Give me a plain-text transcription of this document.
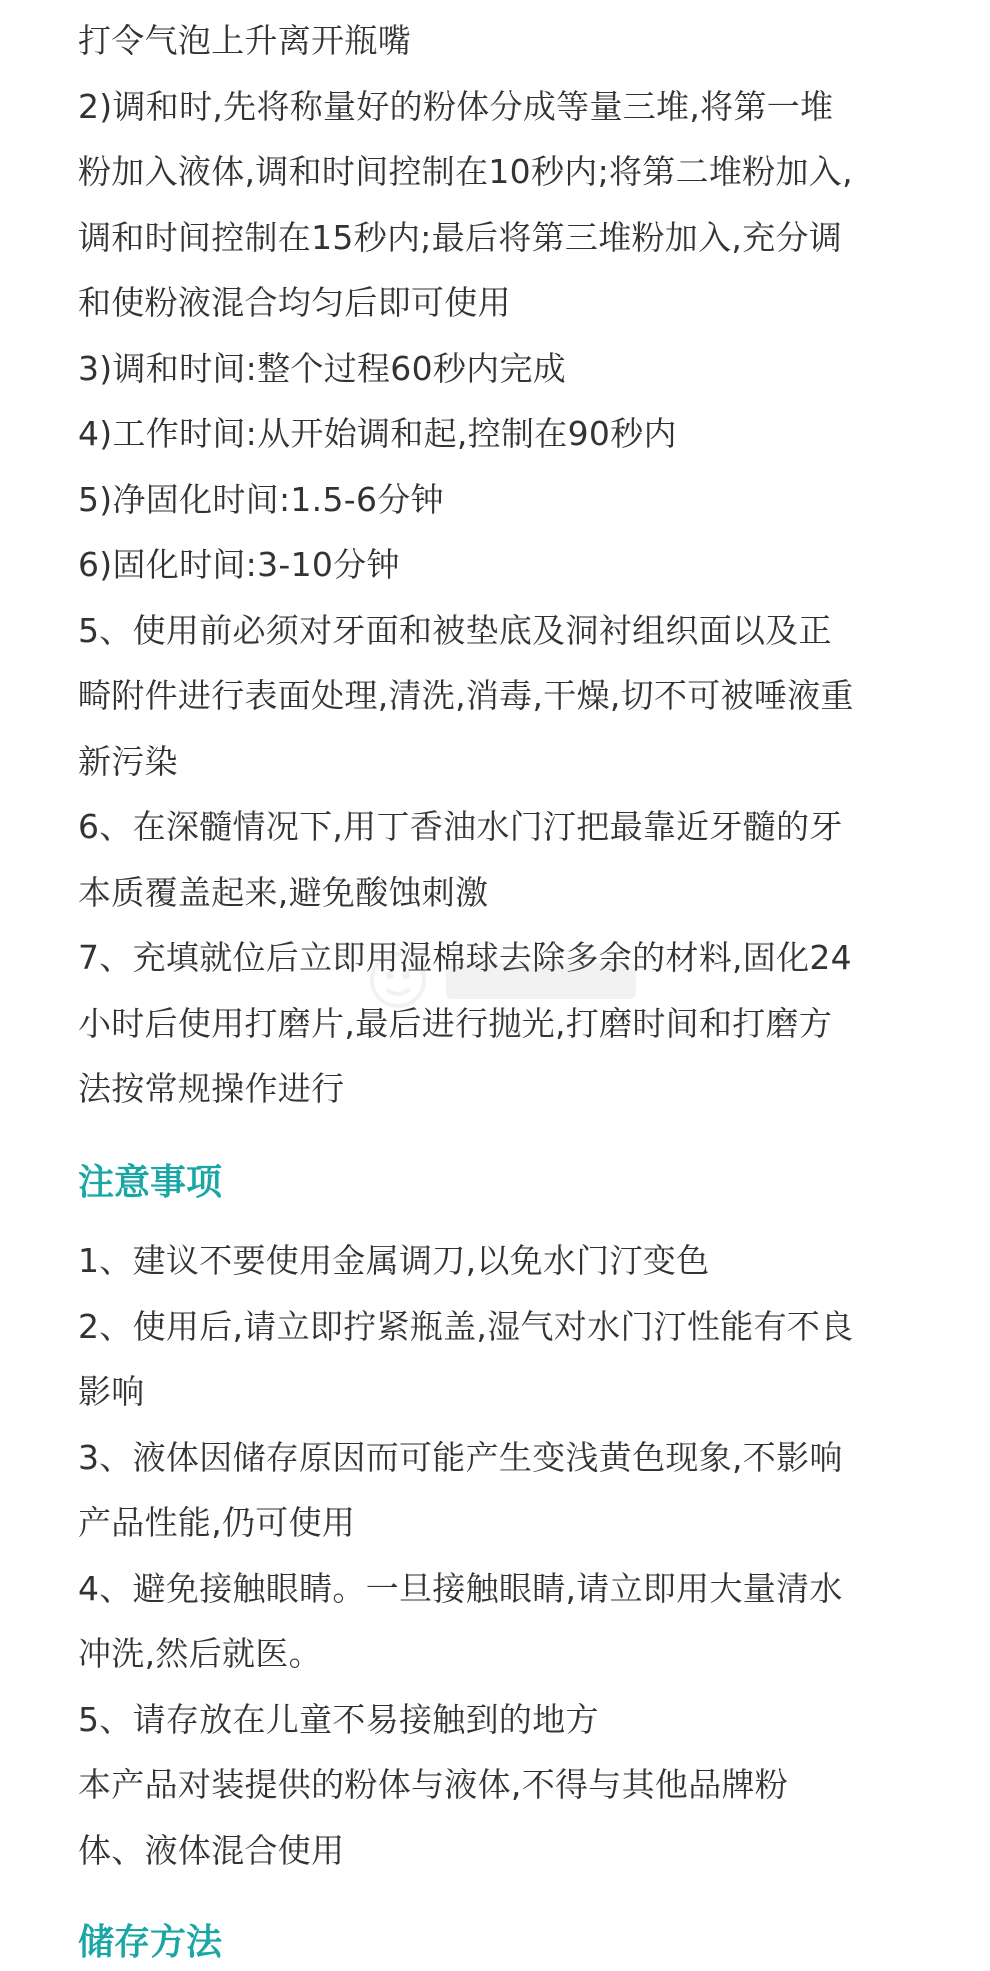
打令气泡上升离开瓶嘴
2)调和时,先将称量好的粉体分成等量三堆,将第一堆
粉加入液体,调和时间控制在10秒内;将第二堆粉加入,
调和时间控制在15秒内;最后将第三堆粉加入,充分调
和使粉液混合均匀后即可使用
3)调和时间:整个过程60秒内完成
4)工作时间:从开始调和起,控制在90秒内
5)净固化时间:1.5-6分钟
6)固化时间:3-10分钟
5、使用前必须对牙面和被垫底及洞衬组织面以及正
畸附件进行表面处理,清洗,消毒,干燥,切不可被唾液重
新污染
6、在深髓情况下,用丁香油水门汀把最靠近牙髓的牙
本质覆盖起来,避免酸蚀刺激
7、充填就位后立即用湿棉球去除多余的材料,固化24
小时后使用打磨片,最后进行抛光,打磨时间和打磨方
法按常规操作进行
注意事项
1、建议不要使用金属调刀,以免水门汀变色
2、使用后,请立即拧紧瓶盖,湿气对水门汀性能有不良
影响
3、液体因储存原因而可能产生变浅黄色现象,不影响
产品性能,仍可使用
4、避免接触眼睛。一旦接触眼睛,请立即用大量清水
冲洗,然后就医。
5、请存放在儿童不易接触到的地方
本产品对装提供的粉体与液体,不得与其他品牌粉
体、液体混合使用
储存方法
